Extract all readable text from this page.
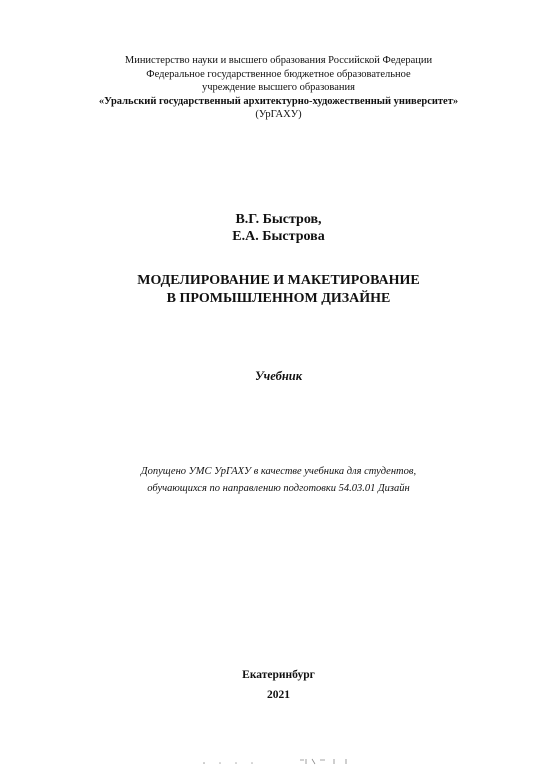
Министерство науки и высшего образования Российской Федерации
Федеральное государственное бюджетное образовательное
учреждение высшего образования
«Уральский государственный архитектурно-художественный университет»
(УрГАХУ)
В.Г. Быстров,
Е.А. Быстрова
МОДЕЛИРОВАНИЕ И МАКЕТИРОВАНИЕ
В ПРОМЫШЛЕННОМ ДИЗАЙНЕ
Учебник
Допущено УМС УрГАХУ в качестве учебника для студентов,
обучающихся по направлению подготовки 54.03.01 Дизайн
Екатеринбург
2021
